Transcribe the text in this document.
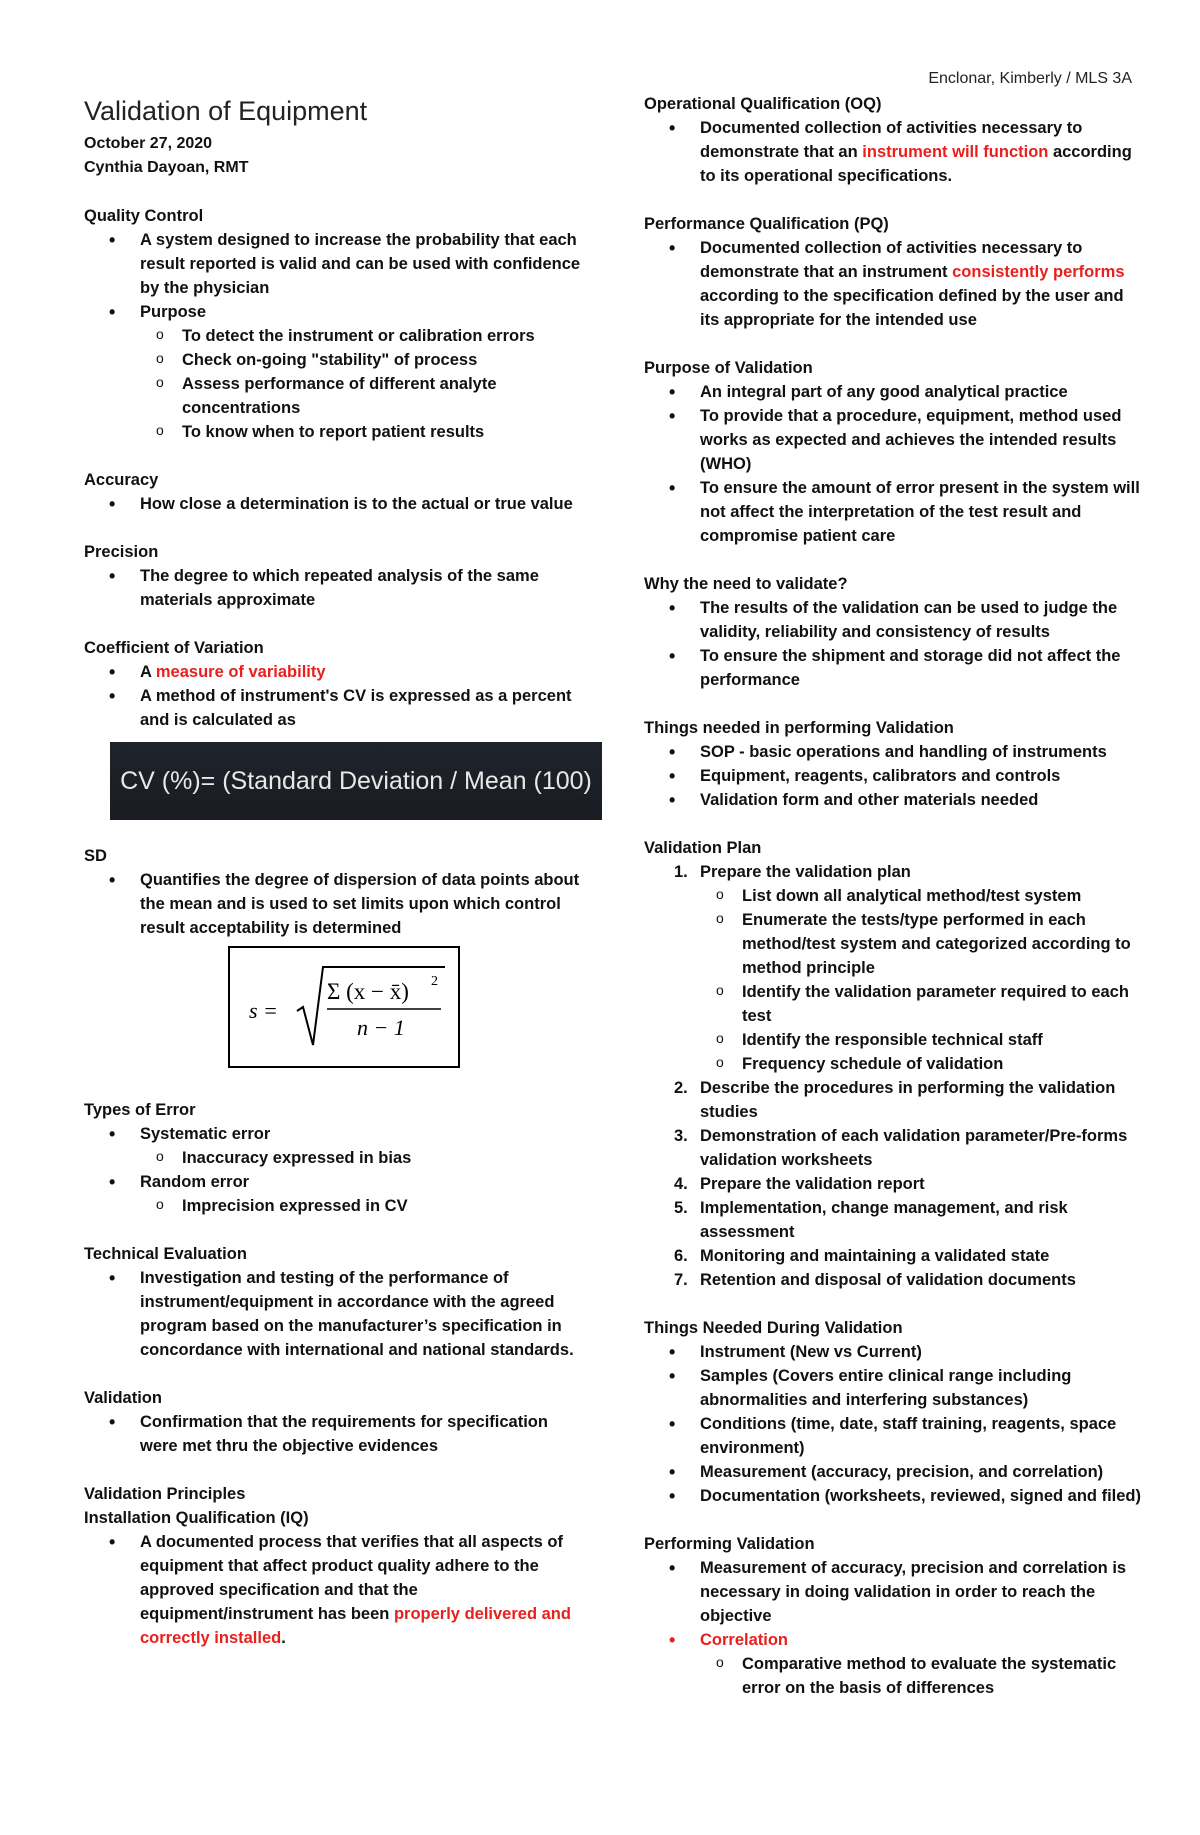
Enclonar, Kimberly / MLS 3A
Validation of Equipment
October 27, 2020
Cynthia Dayoan, RMT
Quality Control
• A system designed to increase the probability that each result reported is valid and can be used with confidence by the physician
• Purpose
o To detect the instrument or calibration errors
o Check on-going "stability" of process
o Assess performance of different analyte concentrations
o To know when to report patient results
Accuracy
• How close a determination is to the actual or true value
Precision
• The degree to which repeated analysis of the same materials approximate
Coefficient of Variation
• A measure of variability
• A method of instrument's CV is expressed as a percent and is calculated as
CV (%)= (Standard Deviation / Mean (100)
SD
• Quantifies the degree of dispersion of data points about the mean and is used to set limits upon which control result acceptability is determined
s =
Σ (x − x̄) 2
n − 1
Types of Error
• Systematic error
o Inaccuracy expressed in bias
• Random error
o Imprecision expressed in CV
Technical Evaluation
• Investigation and testing of the performance of instrument/equipment in accordance with the agreed program based on the manufacturer’s specification in concordance with international and national standards.
Validation
• Confirmation that the requirements for specification were met thru the objective evidences
Validation Principles
Installation Qualification (IQ)
• A documented process that verifies that all aspects of equipment that affect product quality adhere to the approved specification and that the equipment/instrument has been properly delivered and correctly installed.
Operational Qualification (OQ)
• Documented collection of activities necessary to demonstrate that an instrument will function according to its operational specifications.
Performance Qualification (PQ)
• Documented collection of activities necessary to demonstrate that an instrument consistently performs according to the specification defined by the user and its appropriate for the intended use
Purpose of Validation
• An integral part of any good analytical practice
• To provide that a procedure, equipment, method used works as expected and achieves the intended results (WHO)
• To ensure the amount of error present in the system will not affect the interpretation of the test result and compromise patient care
Why the need to validate?
• The results of the validation can be used to judge the validity, reliability and consistency of results
• To ensure the shipment and storage did not affect the performance
Things needed in performing Validation
• SOP - basic operations and handling of instruments
• Equipment, reagents, calibrators and controls
• Validation form and other materials needed
Validation Plan
1. Prepare the validation plan
o List down all analytical method/test system
o Enumerate the tests/type performed in each method/test system and categorized according to method principle
o Identify the validation parameter required to each test
o Identify the responsible technical staff
o Frequency schedule of validation
2. Describe the procedures in performing the validation studies
3. Demonstration of each validation parameter/Pre-forms validation worksheets
4. Prepare the validation report
5. Implementation, change management, and risk assessment
6. Monitoring and maintaining a validated state
7. Retention and disposal of validation documents
Things Needed During Validation
• Instrument (New vs Current)
• Samples (Covers entire clinical range including abnormalities and interfering substances)
• Conditions (time, date, staff training, reagents, space environment)
• Measurement (accuracy, precision, and correlation)
• Documentation (worksheets, reviewed, signed and filed)
Performing Validation
• Measurement of accuracy, precision and correlation is necessary in doing validation in order to reach the objective
• Correlation
o Comparative method to evaluate the systematic error on the basis of differences
